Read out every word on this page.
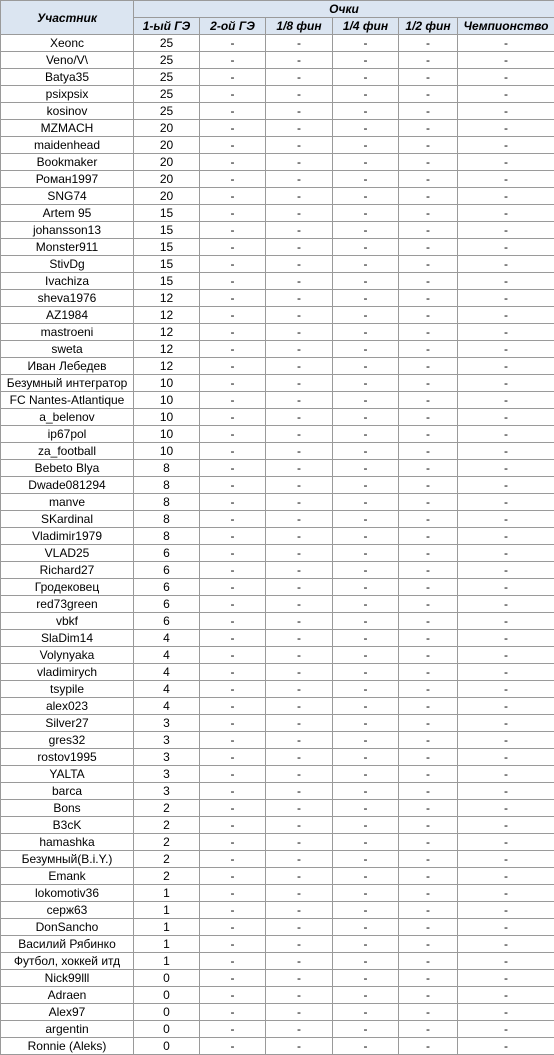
Участник	Очки					
	1-ый ГЭ	2-ой ГЭ	1/8 фин	1/4 фин	1/2 фин	Чемпионство
Xeonc	25	-	-	-	-	-
Veno/V\	25	-	-	-	-	-
Batya35	25	-	-	-	-	-
psixpsix	25	-	-	-	-	-
kosinov	25	-	-	-	-	-
MZMACH	20	-	-	-	-	-
maidenhead	20	-	-	-	-	-
Bookmaker	20	-	-	-	-	-
Роман1997	20	-	-	-	-	-
SNG74	20	-	-	-	-	-
Artem 95	15	-	-	-	-	-
johansson13	15	-	-	-	-	-
Monster911	15	-	-	-	-	-
StivDg	15	-	-	-	-	-
Ivachiza	15	-	-	-	-	-
sheva1976	12	-	-	-	-	-
AZ1984	12	-	-	-	-	-
mastroeni	12	-	-	-	-	-
sweta	12	-	-	-	-	-
Иван Лебедев	12	-	-	-	-	-
Безумный интегратор	10	-	-	-	-	-
FC Nantes-Atlantique	10	-	-	-	-	-
a_belenov	10	-	-	-	-	-
ip67pol	10	-	-	-	-	-
za_football	10	-	-	-	-	-
Bebeto Blya	8	-	-	-	-	-
Dwade081294	8	-	-	-	-	-
manve	8	-	-	-	-	-
SKardinal	8	-	-	-	-	-
Vladimir1979	8	-	-	-	-	-
VLAD25	6	-	-	-	-	-
Richard27	6	-	-	-	-	-
Гродековец	6	-	-	-	-	-
red73green	6	-	-	-	-	-
vbkf	6	-	-	-	-	-
SlaDim14	4	-	-	-	-	-
Volynyaka	4	-	-	-	-	-
vladimirych	4	-	-	-	-	-
tsypile	4	-	-	-	-	-
alex023	4	-	-	-	-	-
Silver27	3	-	-	-	-	-
gres32	3	-	-	-	-	-
rostov1995	3	-	-	-	-	-
YALTA	3	-	-	-	-	-
barca	3	-	-	-	-	-
Bons	2	-	-	-	-	-
B3cK	2	-	-	-	-	-
hamashka	2	-	-	-	-	-
Безумный(B.i.Y.)	2	-	-	-	-	-
Emank	2	-	-	-	-	-
lokomotiv36	1	-	-	-	-	-
серж63	1	-	-	-	-	-
DonSancho	1	-	-	-	-	-
Василий Рябинко	1	-	-	-	-	-
Футбол, хоккей итд	1	-	-	-	-	-
Nick99lll	0	-	-	-	-	-
Adraen	0	-	-	-	-	-
Alex97	0	-	-	-	-	-
argentin	0	-	-	-	-	-
Ronnie (Aleks)	0	-	-	-	-	-
